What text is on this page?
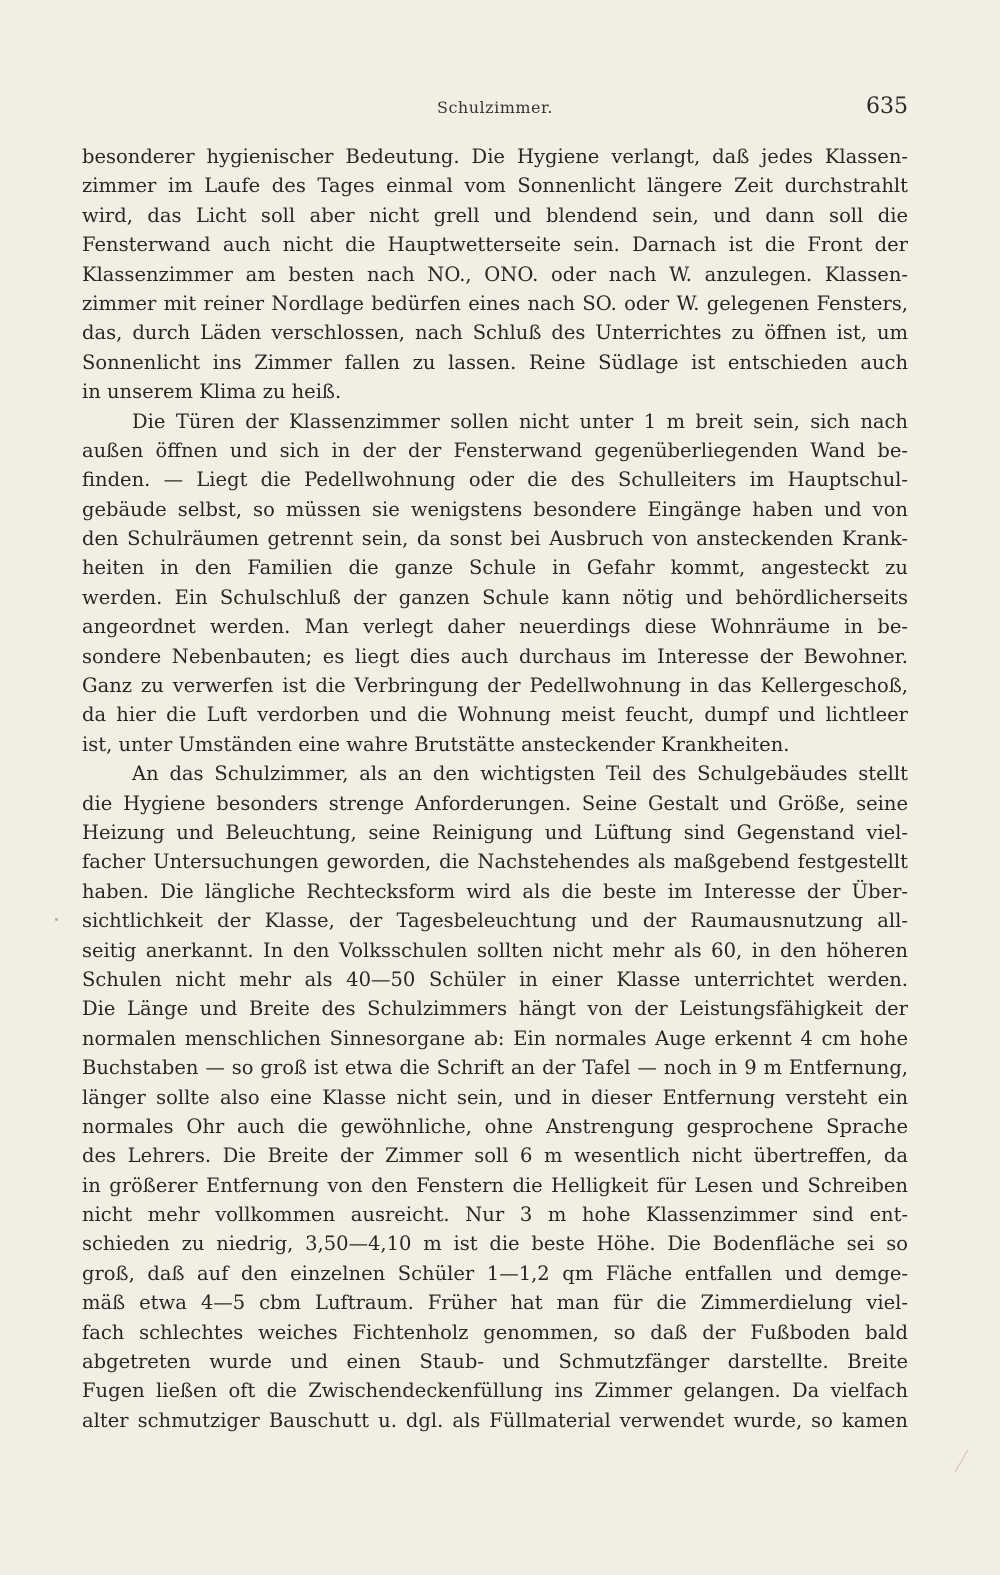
Schulzimmer.	635
besonderer hygienischer Bedeutung. Die Hygiene verlangt, daß jedes Klassen-
zimmer im Laufe des Tages einmal vom Sonnenlicht längere Zeit durchstrahlt
wird, das Licht soll aber nicht grell und blendend sein, und dann soll die
Fensterwand auch nicht die Hauptwetterseite sein. Darnach ist die Front der
Klassenzimmer am besten nach NO., ONO. oder nach W. anzulegen. Klassen-
zimmer mit reiner Nordlage bedürfen eines nach SO. oder W. gelegenen Fensters,
das, durch Läden verschlossen, nach Schluß des Unterrichtes zu öffnen ist, um
Sonnenlicht ins Zimmer fallen zu lassen. Reine Südlage ist entschieden auch
in unserem Klima zu heiß.
Die Türen der Klassenzimmer sollen nicht unter 1 m breit sein, sich nach
außen öffnen und sich in der der Fensterwand gegenüberliegenden Wand be-
finden. — Liegt die Pedellwohnung oder die des Schulleiters im Hauptschul-
gebäude selbst, so müssen sie wenigstens besondere Eingänge haben und von
den Schulräumen getrennt sein, da sonst bei Ausbruch von ansteckenden Krank-
heiten in den Familien die ganze Schule in Gefahr kommt, angesteckt zu
werden. Ein Schulschluß der ganzen Schule kann nötig und behördlicherseits
angeordnet werden. Man verlegt daher neuerdings diese Wohnräume in be-
sondere Nebenbauten; es liegt dies auch durchaus im Interesse der Bewohner.
Ganz zu verwerfen ist die Verbringung der Pedellwohnung in das Kellergeschoß,
da hier die Luft verdorben und die Wohnung meist feucht, dumpf und lichtleer
ist, unter Umständen eine wahre Brutstätte ansteckender Krankheiten.
An das Schulzimmer, als an den wichtigsten Teil des Schulgebäudes stellt
die Hygiene besonders strenge Anforderungen. Seine Gestalt und Größe, seine
Heizung und Beleuchtung, seine Reinigung und Lüftung sind Gegenstand viel-
facher Untersuchungen geworden, die Nachstehendes als maßgebend festgestellt
haben. Die längliche Rechtecksform wird als die beste im Interesse der Über-
sichtlichkeit der Klasse, der Tagesbeleuchtung und der Raumausnutzung all-
seitig anerkannt. In den Volksschulen sollten nicht mehr als 60, in den höheren
Schulen nicht mehr als 40—50 Schüler in einer Klasse unterrichtet werden.
Die Länge und Breite des Schulzimmers hängt von der Leistungsfähigkeit der
normalen menschlichen Sinnesorgane ab: Ein normales Auge erkennt 4 cm hohe
Buchstaben — so groß ist etwa die Schrift an der Tafel — noch in 9 m Entfernung,
länger sollte also eine Klasse nicht sein, und in dieser Entfernung versteht ein
normales Ohr auch die gewöhnliche, ohne Anstrengung gesprochene Sprache
des Lehrers. Die Breite der Zimmer soll 6 m wesentlich nicht übertreffen, da
in größerer Entfernung von den Fenstern die Helligkeit für Lesen und Schreiben
nicht mehr vollkommen ausreicht. Nur 3 m hohe Klassenzimmer sind ent-
schieden zu niedrig, 3,50—4,10 m ist die beste Höhe. Die Bodenfläche sei so
groß, daß auf den einzelnen Schüler 1—1,2 qm Fläche entfallen und demge-
mäß etwa 4—5 cbm Luftraum. Früher hat man für die Zimmerdielung viel-
fach schlechtes weiches Fichtenholz genommen, so daß der Fußboden bald
abgetreten wurde und einen Staub- und Schmutzfänger darstellte. Breite
Fugen ließen oft die Zwischendeckenfüllung ins Zimmer gelangen. Da vielfach
alter schmutziger Bauschutt u. dgl. als Füllmaterial verwendet wurde, so kamen
